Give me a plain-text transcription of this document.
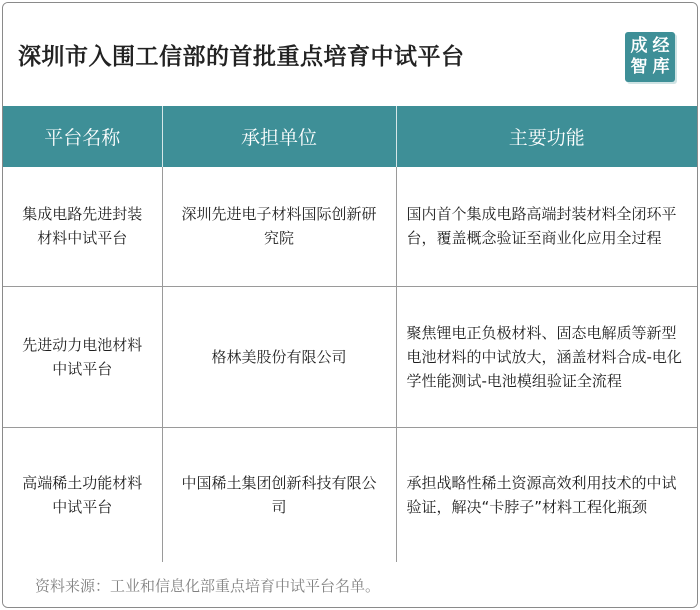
深圳市入围工信部的首批重点培育中试平台	成 经
智 库
平台名称	承担单位	主要功能
集成电路先进封装材料中试平台	深圳先进电子材料国际创新研究院	国内首个集成电路高端封装材料全闭环平台，覆盖概念验证至商业化应用全过程
先进动力电池材料中试平台	格林美股份有限公司	聚焦锂电正负极材料、固态电解质等新型电池材料的中试放大，涵盖材料合成-电化学性能测试-电池模组验证全流程
高端稀土功能材料中试平台	中国稀土集团创新科技有限公司	承担战略性稀土资源高效利用技术的中试验证，解决“卡脖子”材料工程化瓶颈
资料来源：工业和信息化部重点培育中试平台名单。
